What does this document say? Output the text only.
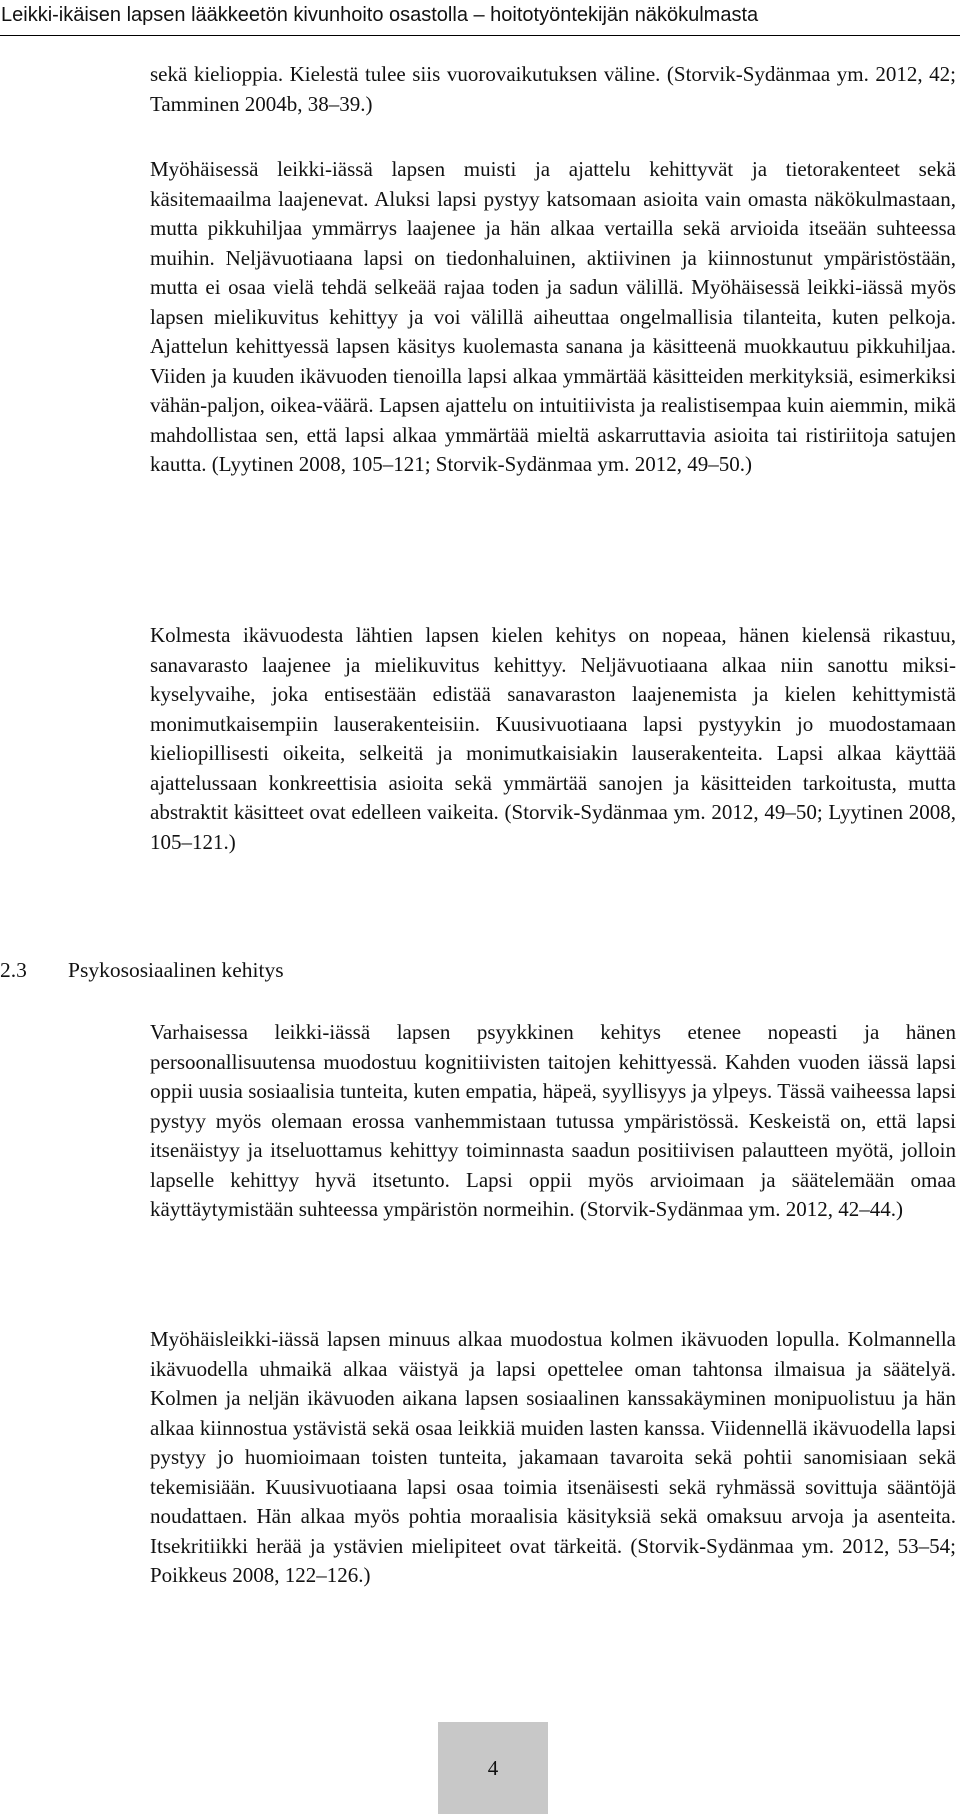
Leikki-ikäisen lapsen lääkkeetön kivunhoito osastolla – hoitotyöntekijän näkökulmasta

sekä kielioppia. Kielestä tulee siis vuorovaikutuksen väline. (Storvik-Sydänmaa ym. 2012, 42; Tamminen 2004b, 38–39.)

Myöhäisessä leikki-iässä lapsen muisti ja ajattelu kehittyvät ja tietorakenteet sekä käsitemaailma laajenevat. Aluksi lapsi pystyy katsomaan asioita vain omasta näkökulmastaan, mutta pikkuhiljaa ymmärrys laajenee ja hän alkaa vertailla sekä arvioida itseään suhteessa muihin. Neljävuotiaana lapsi on tiedonhaluinen, aktiivinen ja kiinnostunut ympäristöstään, mutta ei osaa vielä tehdä selkeää rajaa toden ja sadun välillä. Myöhäisessä leikki-iässä myös lapsen mielikuvitus kehittyy ja voi välillä aiheuttaa ongelmallisia tilanteita, kuten pelkoja. Ajattelun kehittyessä lapsen käsitys kuolemasta sanana ja käsitteenä muokkautuu pikkuhiljaa. Viiden ja kuuden ikävuoden tienoilla lapsi alkaa ymmärtää käsitteiden merkityksiä, esimerkiksi vähän-paljon, oikea-väärä. Lapsen ajattelu on intuitiivista ja realistisempaa kuin aiemmin, mikä mahdollistaa sen, että lapsi alkaa ymmärtää mieltä askarruttavia asioita tai ristiriitoja satujen kautta. (Lyytinen 2008, 105–121; Storvik-Sydänmaa ym. 2012, 49–50.)

Kolmesta ikävuodesta lähtien lapsen kielen kehitys on nopeaa, hänen kielensä rikastuu, sanavarasto laajenee ja mielikuvitus kehittyy. Neljävuotiaana alkaa niin sanottu miksi-kyselyvaihe, joka entisestään edistää sanavaraston laajenemista ja kielen kehittymistä monimutkaisempiin lauserakenteisiin. Kuusivuotiaana lapsi pystyykin jo muodostamaan kieliopillisesti oikeita, selkeitä ja monimutkaisiakin lauserakenteita. Lapsi alkaa käyttää ajattelussaan konkreettisia asioita sekä ymmärtää sanojen ja käsitteiden tarkoitusta, mutta abstraktit käsitteet ovat edelleen vaikeita. (Storvik-Sydänmaa ym. 2012, 49–50; Lyytinen 2008, 105–121.)

2.3 Psykososiaalinen kehitys

Varhaisessa leikki-iässä lapsen psyykkinen kehitys etenee nopeasti ja hänen persoonallisuutensa muodostuu kognitiivisten taitojen kehittyessä. Kahden vuoden iässä lapsi oppii uusia sosiaalisia tunteita, kuten empatia, häpeä, syyllisyys ja ylpeys. Tässä vaiheessa lapsi pystyy myös olemaan erossa vanhemmistaan tutussa ympäristössä. Keskeistä on, että lapsi itsenäistyy ja itseluottamus kehittyy toiminnasta saadun positiivisen palautteen myötä, jolloin lapselle kehittyy hyvä itsetunto. Lapsi oppii myös arvioimaan ja säätelemään omaa käyttäytymistään suhteessa ympäristön normeihin. (Storvik-Sydänmaa ym. 2012, 42–44.)

Myöhäisleikki-iässä lapsen minuus alkaa muodostua kolmen ikävuoden lopulla. Kolmannella ikävuodella uhmaikä alkaa väistyä ja lapsi opettelee oman tahtonsa ilmaisua ja säätelyä. Kolmen ja neljän ikävuoden aikana lapsen sosiaalinen kanssakäyminen monipuolistuu ja hän alkaa kiinnostua ystävistä sekä osaa leikkiä muiden lasten kanssa. Viidennellä ikävuodella lapsi pystyy jo huomioimaan toisten tunteita, jakamaan tavaroita sekä pohtii sanomisiaan sekä tekemisiään. Kuusivuotiaana lapsi osaa toimia itsenäisesti sekä ryhmässä sovittuja sääntöjä noudattaen. Hän alkaa myös pohtia moraalisia käsityksiä sekä omaksuu arvoja ja asenteita. Itsekritiikki herää ja ystävien mielipiteet ovat tärkeitä. (Storvik-Sydänmaa ym. 2012, 53–54; Poikkeus 2008, 122–126.)

4
